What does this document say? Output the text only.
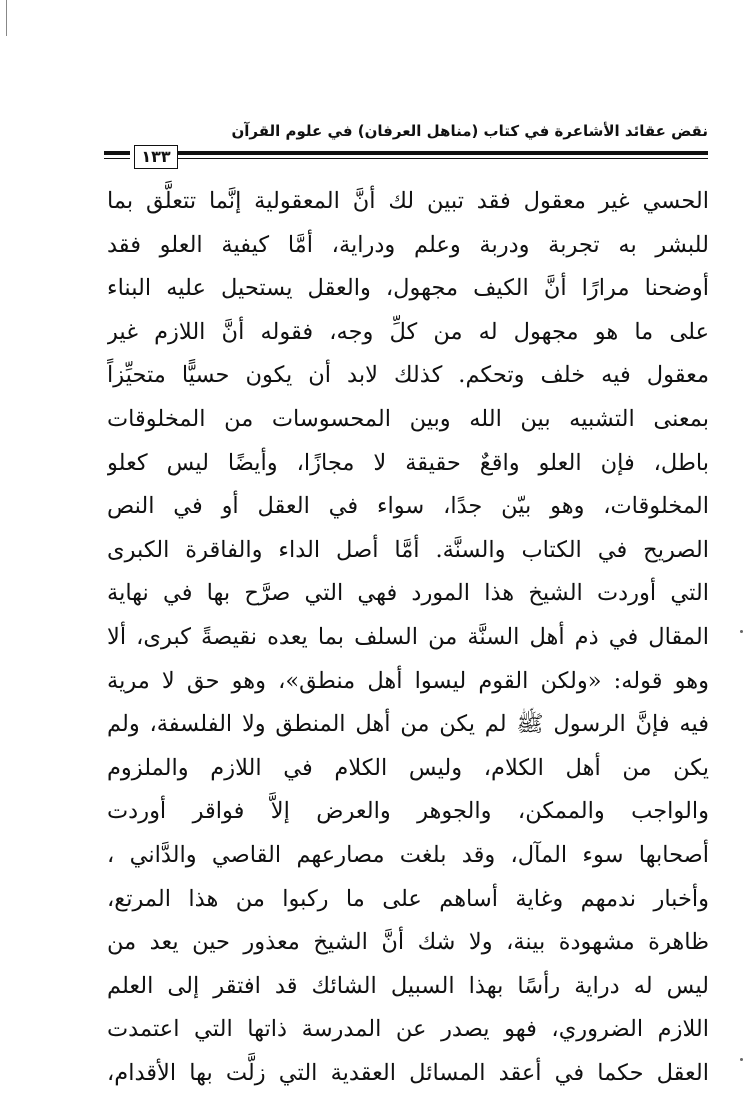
نقض عقائد الأشاعرة في كتاب (مناهل العرفان) في علوم القرآن
١٣٣
الحسي غير معقول فقد تبين لك أنَّ المعقولية إنَّما تتعلَّق بما
للبشر به تجربة ودربة وعلم ودراية، أمَّا كيفية العلو فقد
أوضحنا مرارًا أنَّ الكيف مجهول، والعقل يستحيل عليه البناء
على ما هو مجهول له من كلِّ وجه، فقوله أنَّ اللازم غير
معقول فيه خلف وتحكم. كذلك لابد أن يكون حسيًّا متحيِّزاً
بمعنى التشبيه بين الله وبين المحسوسات من المخلوقات
باطل، فإن العلو واقعٌ حقيقة لا مجازًا، وأيضًا ليس كعلو
المخلوقات، وهو بيّن جدًا، سواء في العقل أو في النص
الصريح في الكتاب والسنَّة. أمَّا أصل الداء والفاقرة الكبرى
التي أوردت الشيخ هذا المورد فهي التي صرَّح بها في نهاية
المقال في ذم أهل السنَّة من السلف بما يعده نقيصةً كبرى، ألا
وهو قوله: «ولكن القوم ليسوا أهل منطق»، وهو حق لا مرية
فيه فإنَّ الرسول ﷺ لم يكن من أهل المنطق ولا الفلسفة، ولم
يكن من أهل الكلام، وليس الكلام في اللازم والملزوم
والواجب والممكن، والجوهر والعرض إلاَّ فواقر أوردت
أصحابها سوء المآل، وقد بلغت مصارعهم القاصي والدَّاني ،
وأخبار ندمهم وغاية أساهم على ما ركبوا من هذا المرتع،
ظاهرة مشهودة بينة، ولا شك أنَّ الشيخ معذور حين يعد من
ليس له دراية رأسًا بهذا السبيل الشائك قد افتقر إلى العلم
اللازم الضروري، فهو يصدر عن المدرسة ذاتها التي اعتمدت
العقل حكما في أعقد المسائل العقدية التي زلَّت بها الأقدام،
